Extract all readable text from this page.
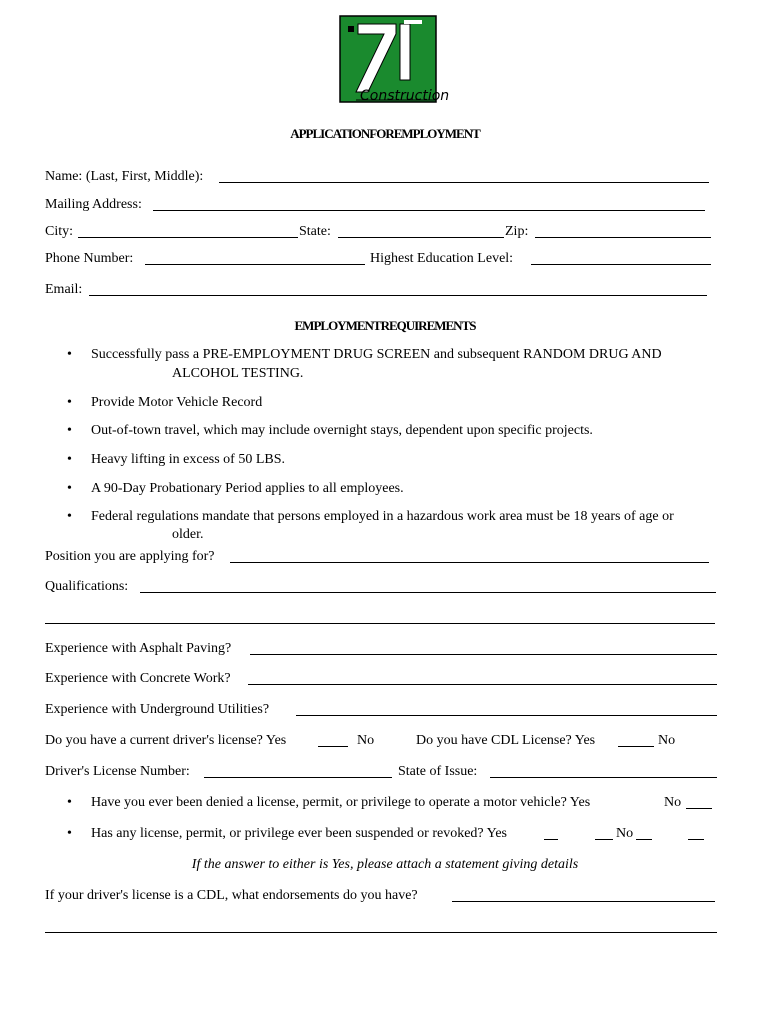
Construction
APPLICATIONFOREMPLOYMENT
Name: (Last, First, Middle):
Mailing Address:
City:	State:	Zip:
Phone Number:	Highest Education Level:
Email:
EMPLOYMENTREQUIREMENTS
• Successfully pass a PRE-EMPLOYMENT DRUG SCREEN and subsequent RANDOM DRUG AND
ALCOHOL TESTING.
• Provide Motor Vehicle Record
• Out-of-town travel, which may include overnight stays, dependent upon specific projects.
• Heavy lifting in excess of 50 LBS.
• A 90-Day Probationary Period applies to all employees.
• Federal regulations mandate that persons employed in a hazardous work area must be 18 years of age or
older.
Position you are applying for?
Qualifications:
Experience with Asphalt Paving?
Experience with Concrete Work?
Experience with Underground Utilities?
Do you have a current driver's license? Yes	No	Do you have CDL License? Yes	No
Driver's License Number:	State of Issue:
• Have you ever been denied a license, permit, or privilege to operate a motor vehicle? Yes	No
• Has any license, permit, or privilege ever been suspended or revoked? Yes	No
If the answer to either is Yes, please attach a statement giving details
If your driver's license is a CDL, what endorsements do you have?
